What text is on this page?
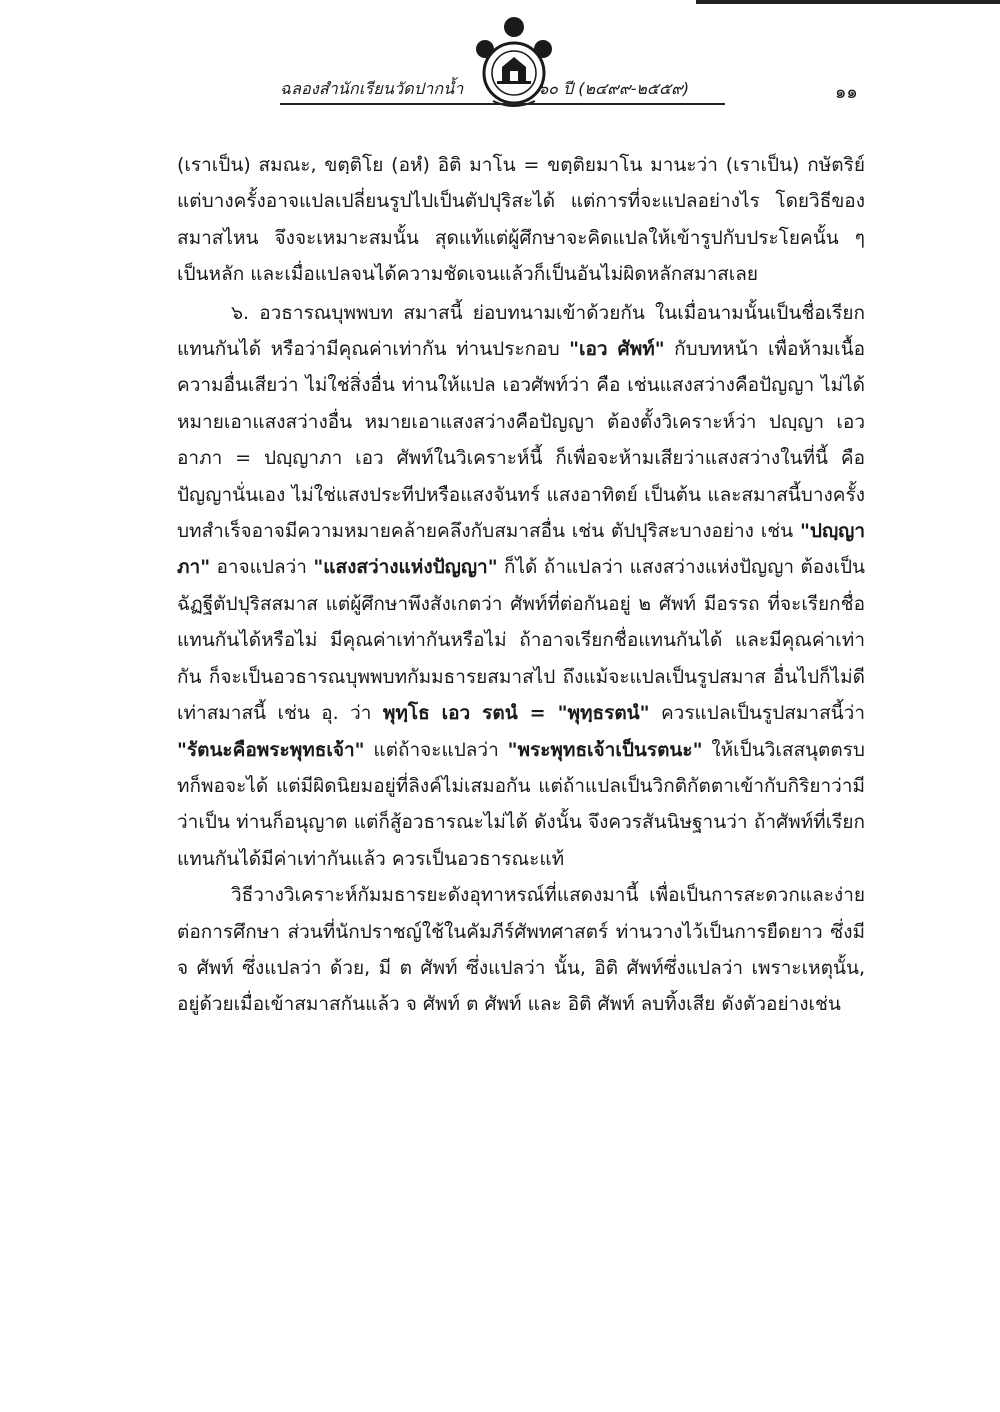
ฉลองสำนักเรียนวัดปากน้ำ	๖๐ ปี (๒๔๙๙-๒๕๕๙)	๑๑

(เราเป็น) สมณะ, ขตฺติโย (อหํ) อิติ มาโน = ขตฺติยมาโน มานะว่า (เราเป็น) กษัตริย์ แต่บางครั้งอาจแปลเปลี่ยนรูปไปเป็นตัปปุริสะได้ แต่การที่จะแปลอย่างไร โดยวิธีของสมาสไหน จึงจะเหมาะสมนั้น สุดแท้แต่ผู้ศึกษาจะคิดแปลให้เข้ารูปกับประโยคนั้น ๆ เป็นหลัก และเมื่อแปลจนได้ความชัดเจนแล้วก็เป็นอันไม่ผิดหลักสมาสเลย

๖. อวธารณบุพพบท สมาสนี้ ย่อบทนามเข้าด้วยกัน ในเมื่อนามนั้นเป็นชื่อเรียกแทนกันได้ หรือว่ามีคุณค่าเท่ากัน ท่านประกอบ "เอว ศัพท์" กับบทหน้า เพื่อห้ามเนื้อความอื่นเสียว่า ไม่ใช่สิ่งอื่น ท่านให้แปล เอวศัพท์ว่า คือ เช่นแสงสว่างคือปัญญา ไม่ได้หมายเอาแสงสว่างอื่น หมายเอาแสงสว่างคือปัญญา ต้องตั้งวิเคราะห์ว่า ปญฺญา เอว อาภา = ปญฺญาภา เอว ศัพท์ในวิเคราะห์นี้ ก็เพื่อจะห้ามเสียว่าแสงสว่างในที่นี้ คือปัญญานั่นเอง ไม่ใช่แสงประทีปหรือแสงจันทร์ แสงอาทิตย์ เป็นต้น และสมาสนี้บางครั้งบทสำเร็จอาจมีความหมายคล้ายคลึงกับสมาสอื่น เช่น ตัปปุริสะบางอย่าง เช่น "ปญฺญาภา" อาจแปลว่า "แสงสว่างแห่งปัญญา" ก็ได้ ถ้าแปลว่า แสงสว่างแห่งปัญญา ต้องเป็นฉัฏฐีตัปปุริสสมาส แต่ผู้ศึกษาพึงสังเกตว่า ศัพท์ที่ต่อกันอยู่ ๒ ศัพท์ มีอรรถ ที่จะเรียกชื่อแทนกันได้หรือไม่ มีคุณค่าเท่ากันหรือไม่ ถ้าอาจเรียกชื่อแทนกันได้ และมีคุณค่าเท่ากัน ก็จะเป็นอวธารณบุพพบทกัมมธารยสมาสไป ถึงแม้จะแปลเป็นรูปสมาส อื่นไปก็ไม่ดีเท่าสมาสนี้ เช่น อุ. ว่า พุทฺโธ เอว รตนํ = "พุทฺธรตนํ" ควรแปลเป็นรูปสมาสนี้ว่า "รัตนะคือพระพุทธเจ้า" แต่ถ้าจะแปลว่า "พระพุทธเจ้าเป็นรตนะ" ให้เป็นวิเสสนุตตรบทก็พอจะได้ แต่มีผิดนิยมอยู่ที่ลิงค์ไม่เสมอกัน แต่ถ้าแปลเป็นวิกติกัตตาเข้ากับกิริยาว่ามีว่าเป็น ท่านก็อนุญาต แต่ก็สู้อวธารณะไม่ได้ ดังนั้น จึงควรสันนิษฐานว่า ถ้าศัพท์ที่เรียกแทนกันได้มีค่าเท่ากันแล้ว ควรเป็นอวธารณะแท้

วิธีวางวิเคราะห์กัมมธารยะดังอุทาหรณ์ที่แสดงมานี้ เพื่อเป็นการสะดวกและง่ายต่อการศึกษา ส่วนที่นักปราชญ์ใช้ในคัมภีร์ศัพทศาสตร์ ท่านวางไว้เป็นการยืดยาว ซึ่งมี จ ศัพท์ ซึ่งแปลว่า ด้วย, มี ต ศัพท์ ซึ่งแปลว่า นั้น, อิติ ศัพท์ซึ่งแปลว่า เพราะเหตุนั้น, อยู่ด้วยเมื่อเข้าสมาสกันแล้ว จ ศัพท์ ต ศัพท์ และ อิติ ศัพท์ ลบทิ้งเสีย ดังตัวอย่างเช่น
